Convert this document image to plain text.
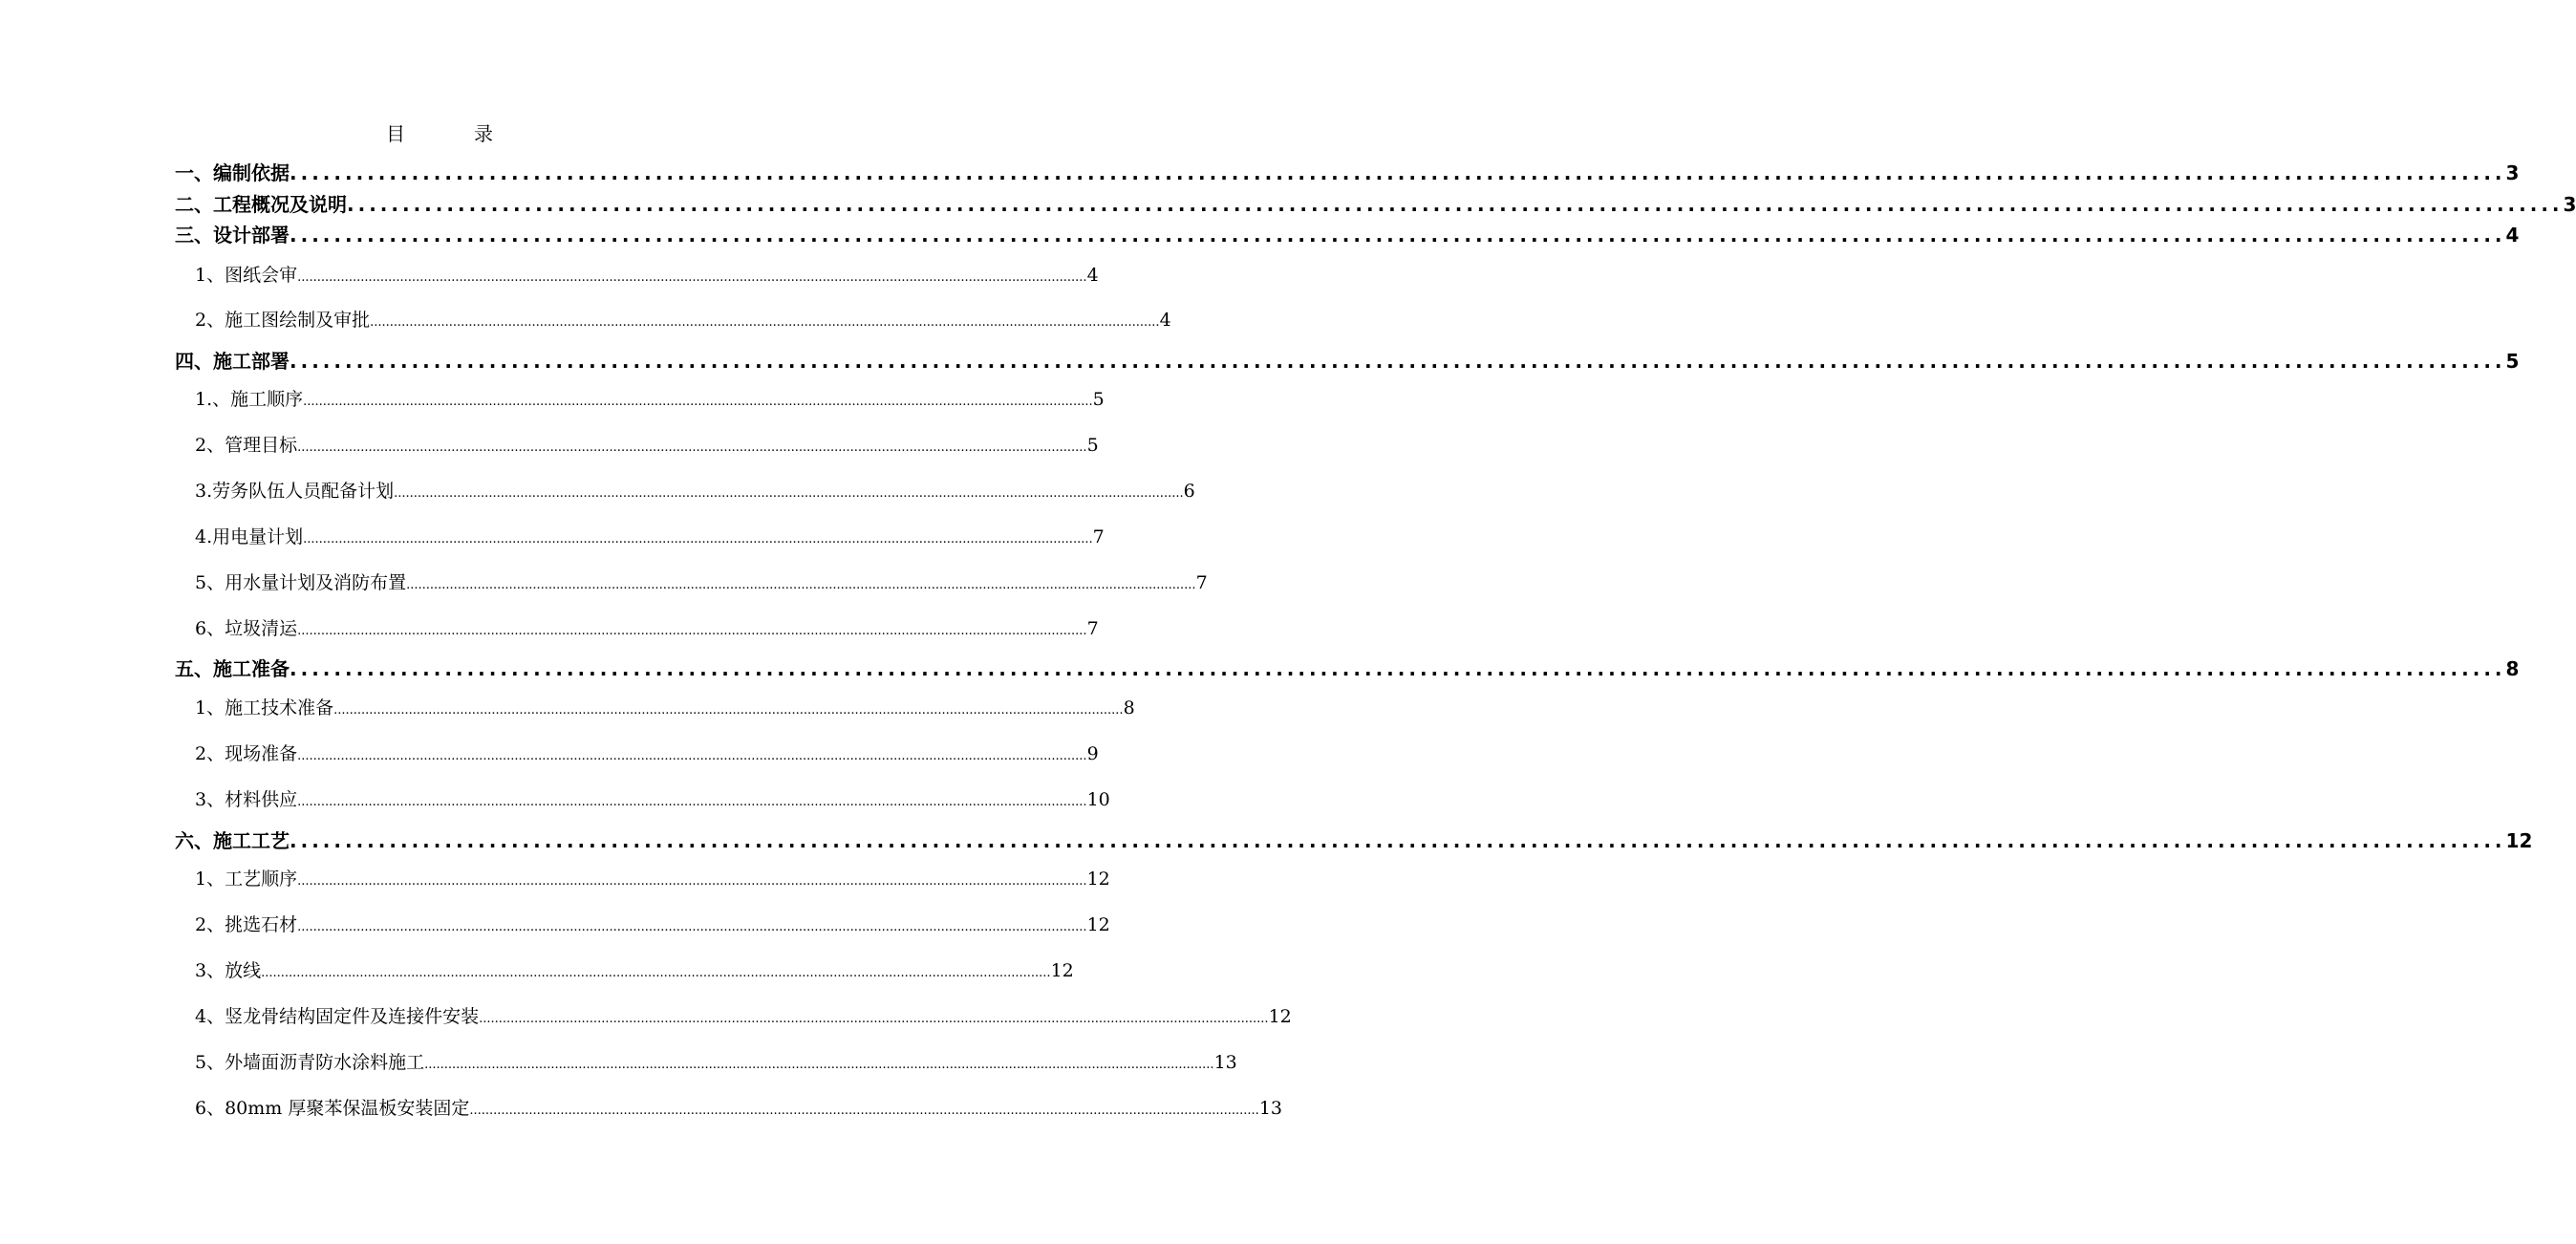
目	录
一、编制依据 ........................................................................................................................................................................................................ 3
二、工程概况及说明 ........................................................................................................................................................................................................ 3
三、设计部署 ........................................................................................................................................................................................................ 4
1、图纸会审 ........................................................................................................................................................................................................ 4
2、施工图绘制及审批 ........................................................................................................................................................................................................ 4
四、施工部署 ........................................................................................................................................................................................................ 5
1.、施工顺序 ........................................................................................................................................................................................................ 5
2、管理目标 ........................................................................................................................................................................................................ 5
3.劳务队伍人员配备计划 ........................................................................................................................................................................................................ 6
4.用电量计划 ........................................................................................................................................................................................................ 7
5、用水量计划及消防布置 ........................................................................................................................................................................................................ 7
6、垃圾清运 ........................................................................................................................................................................................................ 7
五、施工准备 ........................................................................................................................................................................................................ 8
1、施工技术准备 ........................................................................................................................................................................................................ 8
2、现场准备 ........................................................................................................................................................................................................ 9
3、材料供应 ........................................................................................................................................................................................................ 10
六、施工工艺 ........................................................................................................................................................................................................ 12
1、工艺顺序 ........................................................................................................................................................................................................ 12
2、挑选石材 ........................................................................................................................................................................................................ 12
3、放线 ........................................................................................................................................................................................................ 12
4、竖龙骨结构固定件及连接件安装 ........................................................................................................................................................................................................ 12
5、外墙面沥青防水涂料施工 ........................................................................................................................................................................................................ 13
6、80mm 厚聚苯保温板安装固定 ........................................................................................................................................................................................................ 13
